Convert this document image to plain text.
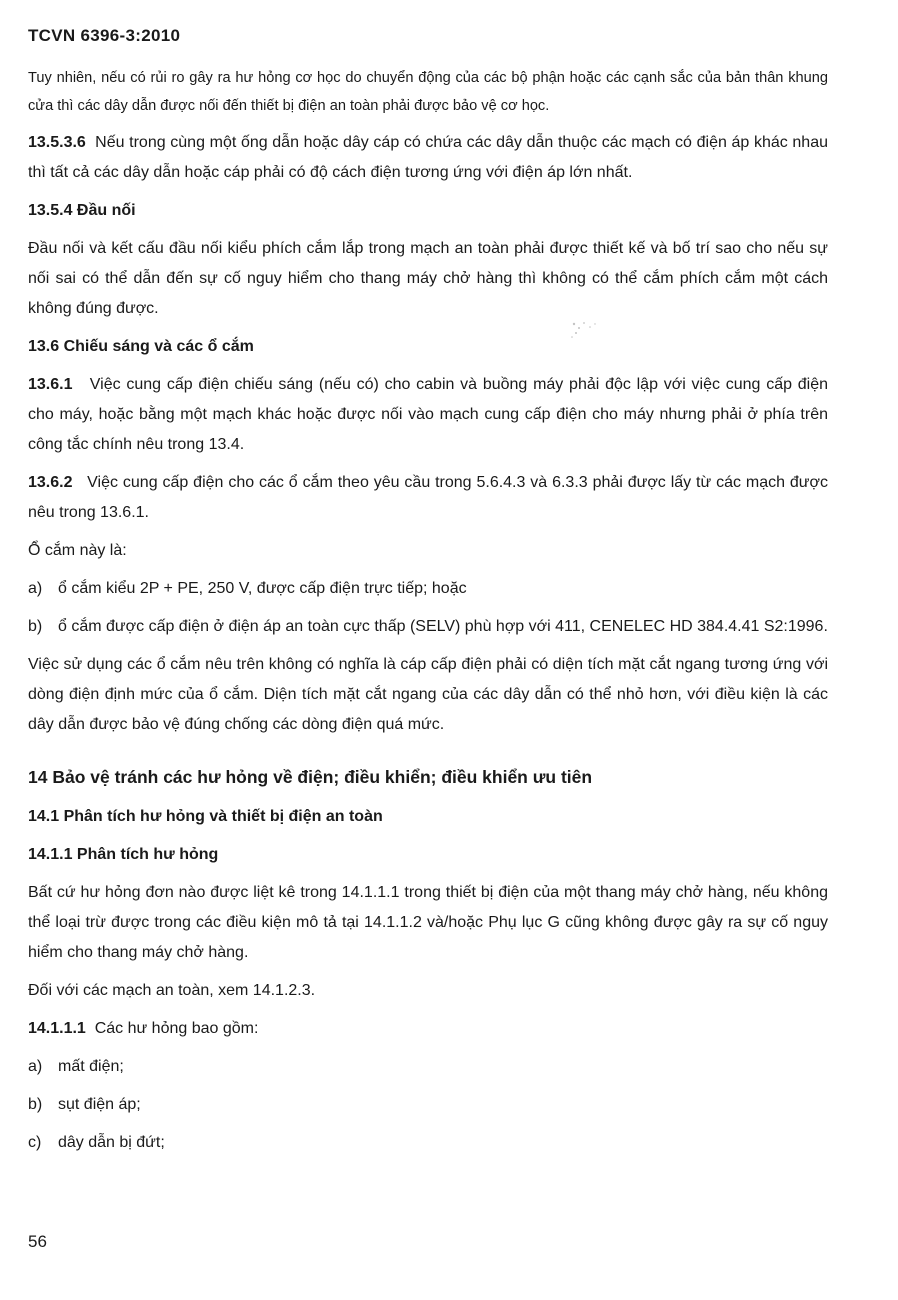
TCVN 6396-3:2010

Tuy nhiên, nếu có rủi ro gây ra hư hỏng cơ học do chuyển động của các bộ phận hoặc các cạnh sắc của bản thân khung cửa thì các dây dẫn được nối đến thiết bị điện an toàn phải được bảo vệ cơ học.

13.5.3.6 Nếu trong cùng một ống dẫn hoặc dây cáp có chứa các dây dẫn thuộc các mạch có điện áp khác nhau thì tất cả các dây dẫn hoặc cáp phải có độ cách điện tương ứng với điện áp lớn nhất.

13.5.4 Đầu nối

Đầu nối và kết cấu đầu nối kiểu phích cắm lắp trong mạch an toàn phải được thiết kế và bố trí sao cho nếu sự nối sai có thể dẫn đến sự cố nguy hiểm cho thang máy chở hàng thì không có thể cắm phích cắm một cách không đúng được.

13.6 Chiếu sáng và các ổ cắm

13.6.1 Việc cung cấp điện chiếu sáng (nếu có) cho cabin và buồng máy phải độc lập với việc cung cấp điện cho máy, hoặc bằng một mạch khác hoặc được nối vào mạch cung cấp điện cho máy nhưng phải ở phía trên công tắc chính nêu trong 13.4.

13.6.2 Việc cung cấp điện cho các ổ cắm theo yêu cầu trong 5.6.4.3 và 6.3.3 phải được lấy từ các mạch được nêu trong 13.6.1.

Ổ cắm này là:

a) ổ cắm kiểu 2P + PE, 250 V, được cấp điện trực tiếp; hoặc
b) ổ cắm được cấp điện ở điện áp an toàn cực thấp (SELV) phù hợp với 411, CENELEC HD 384.4.41 S2:1996.

Việc sử dụng các ổ cắm nêu trên không có nghĩa là cáp cấp điện phải có diện tích mặt cắt ngang tương ứng với dòng điện định mức của ổ cắm. Diện tích mặt cắt ngang của các dây dẫn có thể nhỏ hơn, với điều kiện là các dây dẫn được bảo vệ đúng chống các dòng điện quá mức.

14 Bảo vệ tránh các hư hỏng về điện; điều khiển; điều khiển ưu tiên
14.1 Phân tích hư hỏng và thiết bị điện an toàn
14.1.1 Phân tích hư hỏng

Bất cứ hư hỏng đơn nào được liệt kê trong 14.1.1.1 trong thiết bị điện của một thang máy chở hàng, nếu không thể loại trừ được trong các điều kiện mô tả tại 14.1.1.2 và/hoặc Phụ lục G cũng không được gây ra sự cố nguy hiểm cho thang máy chở hàng.

Đối với các mạch an toàn, xem 14.1.2.3.

14.1.1.1 Các hư hỏng bao gồm:

a) mất điện;
b) sụt điện áp;
c)	dây dẫn bị đứt;
56
